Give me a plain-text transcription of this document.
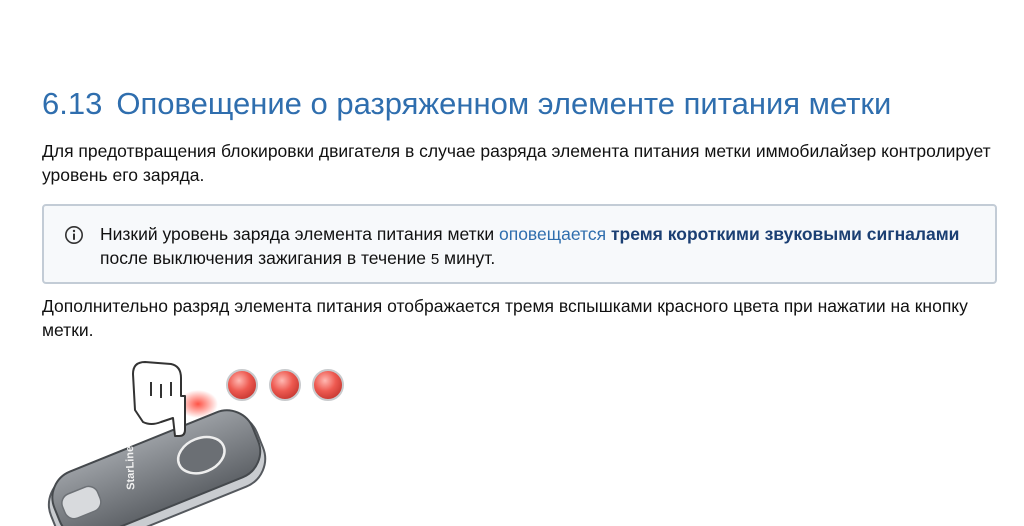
6.13 Оповещение о разряженном элементе питания метки

Для предотвращения блокировки двигателя в случае разряда элемента питания метки иммобилайзер контролирует уровень его заряда.

Низкий уровень заряда элемента питания метки оповещается тремя короткими звуковыми сигналами после выключения зажигания в течение 5 минут.

Дополнительно разряд элемента питания отображается тремя вспышками красного цвета при нажатии на кнопку метки.

StarLine
